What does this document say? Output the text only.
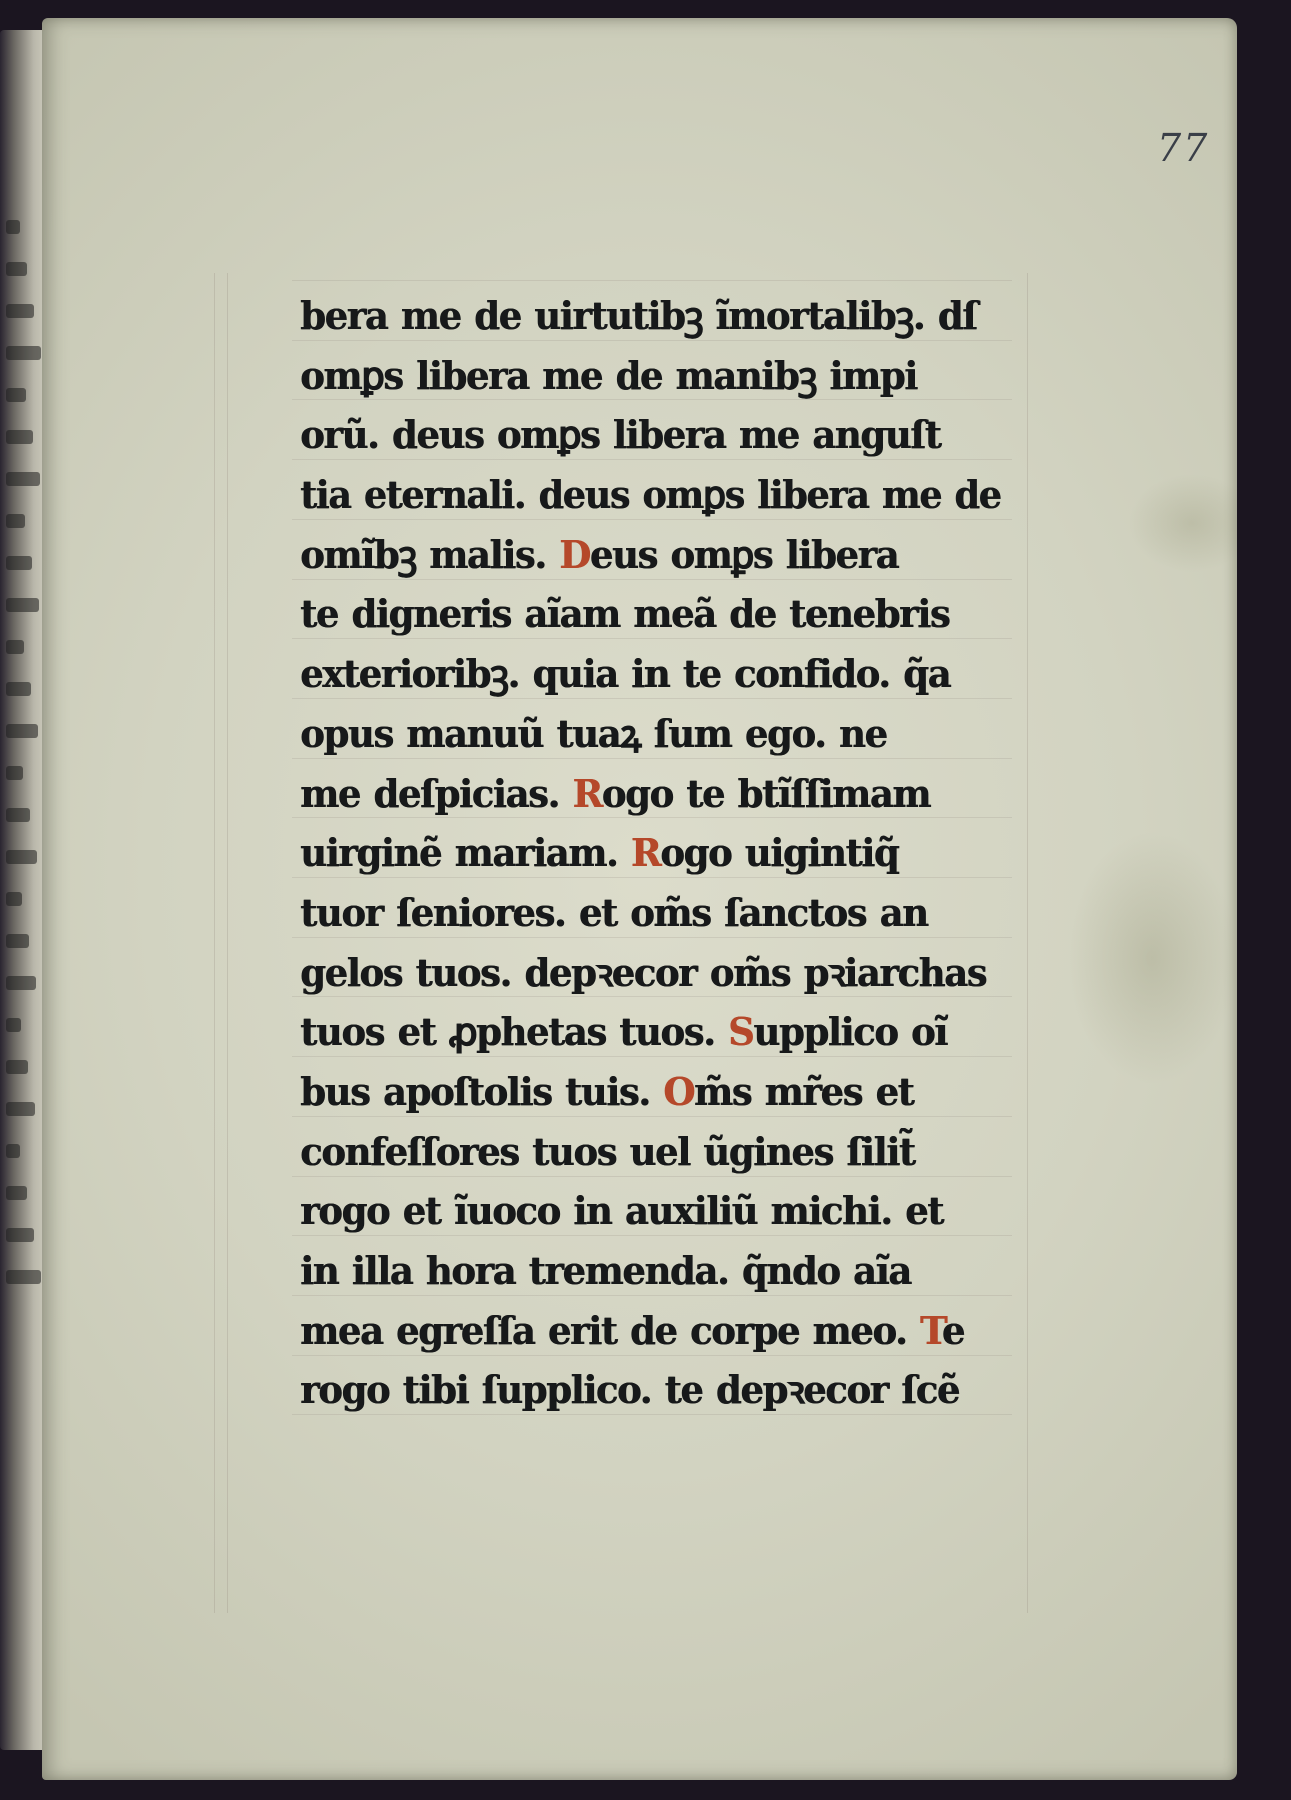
77
bera me de uirtutibꝫ ĩmortalibꝫ. dſ
omꝑs libera me de manibꝫ impi
orũ. deus omꝑs libera me anguſt
tia eternali. deus omꝑs libera me de
omĩbꝫ malis. Deus omꝑs libera
te digneris aĩam meã de tenebris
exterioribꝫ. quia in te confido. q̃a
opus manuũ tuaꝝ ſum ego. ne
me deſpicias. Rogo te btĩſſimam
uirginẽ mariam. Rogo uigintiq̃
tuor ſeniores. et om̃s ſanctos an
gelos tuos. depꝛecor om̃s pꝛiarchas
tuos et ꝓphetas tuos. Supplico oĩ
bus apoſtolis tuis. Om̃s mr̃es et
confeſſores tuos uel ũgines ſilit̃
rogo et ĩuoco in auxiliũ michi. et
in illa hora tremenda. q̃ndo aĩa
mea egreſſa erit de corpe meo. Te
rogo tibi ſupplico. te depꝛecor ſcẽ
